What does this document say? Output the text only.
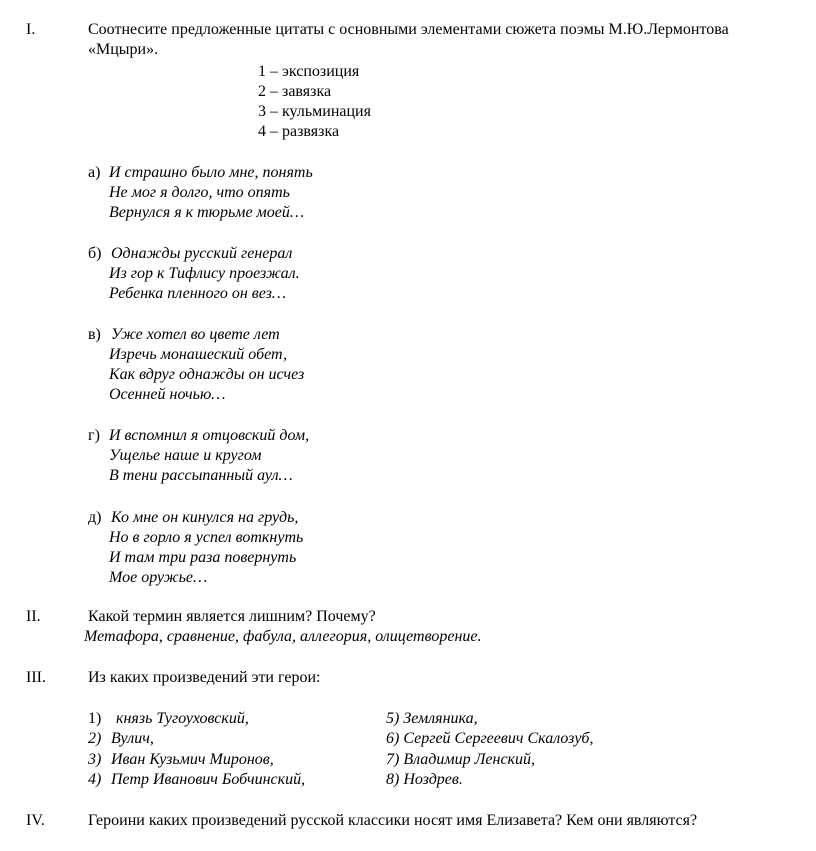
I.	Соотнесите предложенные цитаты с основными элементами сюжета поэмы М.Ю.Лермонтова
«Мцыри».
1 – экспозиция
2 – завязка
3 – кульминация
4 – развязка
а) И страшно было мне, понять
Не мог я долго, что опять
Вернулся я к тюрьме моей…
б) Однажды русский генерал
Из гор к Тифлису проезжал.
Ребенка пленного он вез…
в) Уже хотел во цвете лет
Изречь монашеский обет,
Как вдруг однажды он исчез
Осенней ночью…
г) И вспомнил я отцовский дом,
Ущелье наше и кругом
В тени рассыпанный аул…
д) Ко мне он кинулся на грудь,
Но в горло я успел воткнуть
И там три раза повернуть
Мое оружье…
II.	Какой термин является лишним? Почему?
Метафора, сравнение, фабула, аллегория, олицетворение.
III.	Из каких произведений эти герои:
1) князь Тугоуховский,
2) Вулич,
3) Иван Кузьмич Миронов,
4) Петр Иванович Бобчинский,
5) Земляника,
6) Сергей Сергеевич Скалозуб,
7) Владимир Ленский,
8) Ноздрев.
IV.	Героини каких произведений русской классики носят имя Елизавета? Кем они являются?
